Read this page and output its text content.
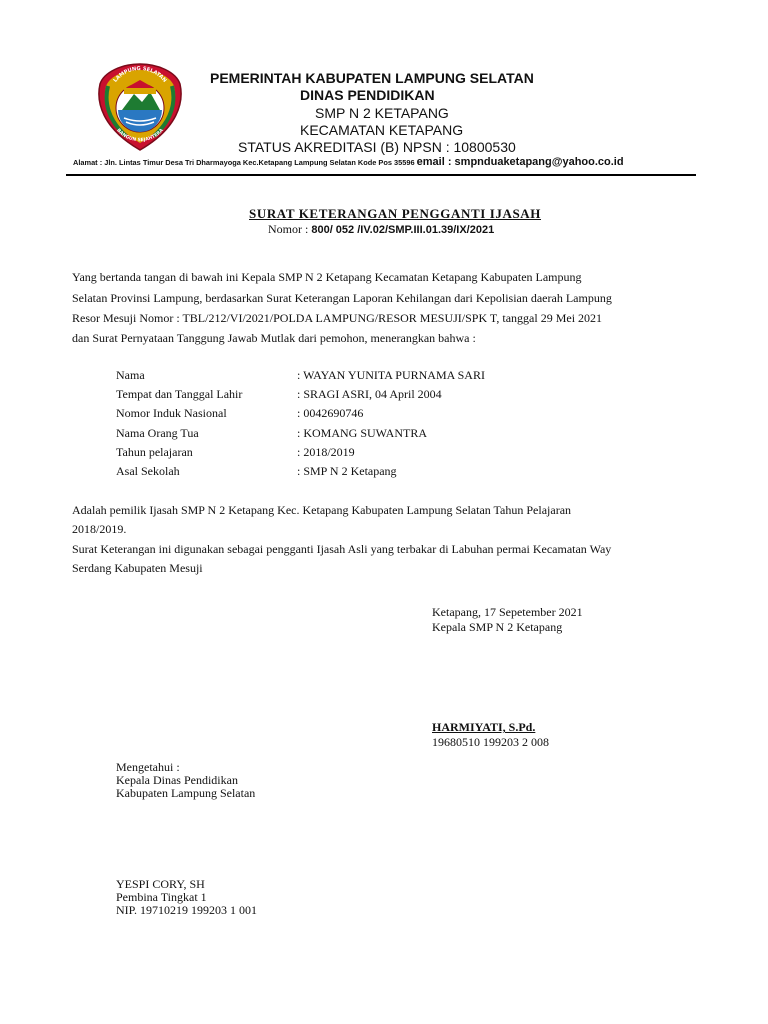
LAMPUNG SELATAN
BANGUN SEJAHTERA
PEMERINTAH KABUPATEN LAMPUNG SELATAN
DINAS PENDIDIKAN
SMP N 2 KETAPANG
KECAMATAN KETAPANG
STATUS AKREDITASI (B) NPSN : 10800530
Alamat : Jln. Lintas Timur Desa Tri Dharmayoga Kec.Ketapang Lampung Selatan Kode Pos 35596 email : smpnduaketapang@yahoo.co.id
SURAT KETERANGAN PENGGANTI IJASAH
Nomor : 800/ 052 /IV.02/SMP.III.01.39/IX/2021
Yang bertanda tangan di bawah ini Kepala SMP N 2 Ketapang Kecamatan Ketapang Kabupaten Lampung
Selatan Provinsi Lampung, berdasarkan Surat Keterangan Laporan Kehilangan dari Kepolisian daerah Lampung
Resor Mesuji Nomor : TBL/212/VI/2021/POLDA LAMPUNG/RESOR MESUJI/SPK T, tanggal 29 Mei 2021
dan Surat Pernyataan Tanggung Jawab Mutlak dari pemohon, menerangkan bahwa :
Nama	: WAYAN YUNITA PURNAMA SARI
Tempat dan Tanggal Lahir	: SRAGI ASRI, 04 April 2004
Nomor Induk Nasional	: 0042690746
Nama Orang Tua	: KOMANG SUWANTRA
Tahun pelajaran	: 2018/2019
Asal Sekolah	: SMP N 2 Ketapang
Adalah pemilik Ijasah SMP N 2 Ketapang Kec. Ketapang Kabupaten Lampung Selatan Tahun Pelajaran
2018/2019.
Surat Keterangan ini digunakan sebagai pengganti Ijasah Asli yang terbakar di Labuhan permai Kecamatan Way
Serdang Kabupaten Mesuji
Ketapang, 17 Sepetember 2021
Kepala SMP N 2 Ketapang
HARMIYATI, S.Pd.
19680510 199203 2 008
Mengetahui :
Kepala Dinas Pendidikan
Kabupaten Lampung Selatan
YESPI CORY, SH
Pembina Tingkat 1
NIP. 19710219 199203 1 001
